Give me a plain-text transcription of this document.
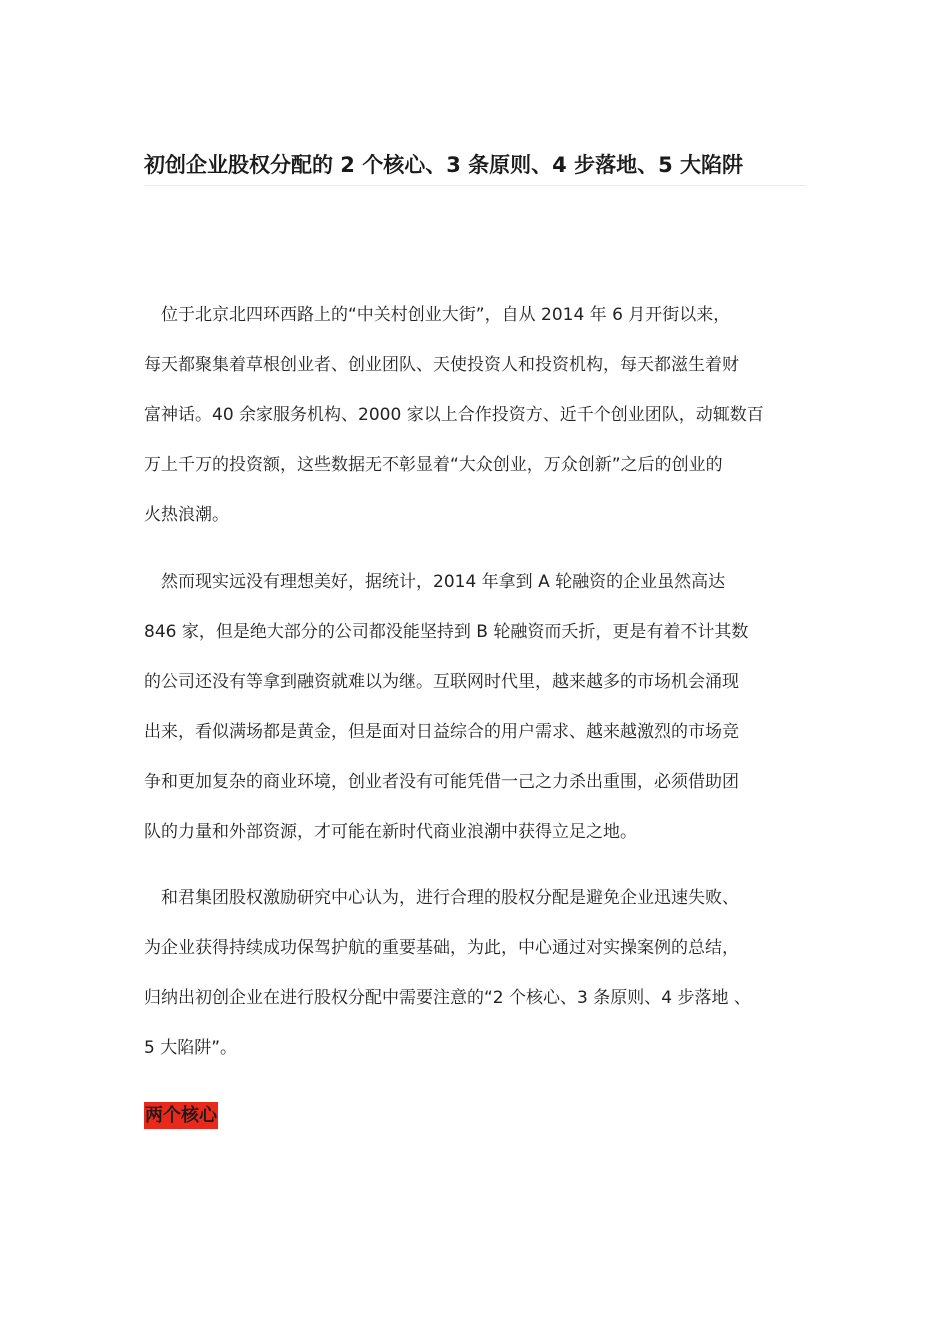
初创企业股权分配的 2 个核心、3 条原则、4 步落地、5 大陷阱

　位于北京北四环西路上的“中关村创业大街”，自从 2014 年 6 月开街以来，
每天都聚集着草根创业者、创业团队、天使投资人和投资机构，每天都滋生着财
富神话。40 余家服务机构、2000 家以上合作投资方、近千个创业团队，动辄数百
万上千万的投资额，这些数据无不彰显着“大众创业，万众创新”之后的创业的
火热浪潮。

　然而现实远没有理想美好，据统计，2014 年拿到 A 轮融资的企业虽然高达
846 家，但是绝大部分的公司都没能坚持到 B 轮融资而夭折，更是有着不计其数
的公司还没有等拿到融资就难以为继。互联网时代里，越来越多的市场机会涌现
出来，看似满场都是黄金，但是面对日益综合的用户需求、越来越激烈的市场竞
争和更加复杂的商业环境，创业者没有可能凭借一己之力杀出重围，必须借助团
队的力量和外部资源，才可能在新时代商业浪潮中获得立足之地。

　和君集团股权激励研究中心认为，进行合理的股权分配是避免企业迅速失败、
为企业获得持续成功保驾护航的重要基础，为此，中心通过对实操案例的总结，
归纳出初创企业在进行股权分配中需要注意的“2 个核心、3 条原则、4 步落地 、
5 大陷阱”。

两个核心
